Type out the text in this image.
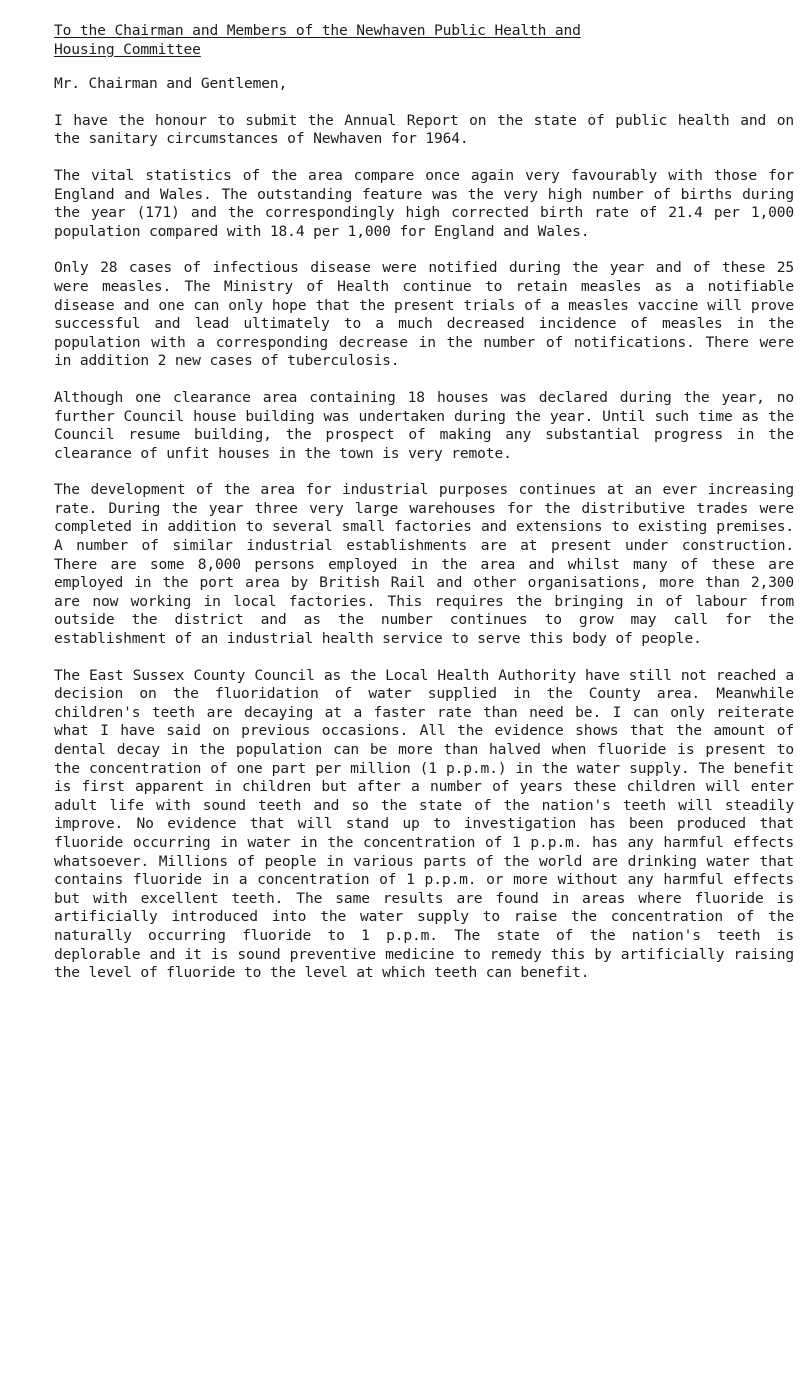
To the Chairman and Members of the Newhaven Public Health and

Housing Committee

Mr. Chairman and Gentlemen,

I have the honour to submit the Annual Report on the state of public health and on the sanitary circumstances of Newhaven for 1964.

The vital statistics of the area compare once again very favourably with those for England and Wales. The outstanding feature was the very high number of births during the year (171) and the correspondingly high corrected birth rate of 21.4 per 1,000 population compared with 18.4 per 1,000 for England and Wales.

Only 28 cases of infectious disease were notified during the year and of these 25 were measles. The Ministry of Health continue to retain measles as a notifiable disease and one can only hope that the present trials of a measles vaccine will prove successful and lead ultimately to a much decreased incidence of measles in the population with a corresponding decrease in the number of notifications. There were in addition 2 new cases of tuberculosis.

Although one clearance area containing 18 houses was declared during the year, no further Council house building was undertaken during the year. Until such time as the Council resume building, the prospect of making any substantial progress in the clearance of unfit houses in the town is very remote.

The development of the area for industrial purposes continues at an ever increasing rate. During the year three very large warehouses for the distributive trades were completed in addition to several small factories and extensions to existing premises. A number of similar industrial establishments are at present under construction. There are some 8,000 persons employed in the area and whilst many of these are employed in the port area by British Rail and other organisations, more than 2,300 are now working in local factories. This requires the bringing in of labour from outside the district and as the number continues to grow may call for the establishment of an industrial health service to serve this body of people.

The East Sussex County Council as the Local Health Authority have still not reached a decision on the fluoridation of water supplied in the County area. Meanwhile children's teeth are decaying at a faster rate than need be. I can only reiterate what I have said on previous occasions. All the evidence shows that the amount of dental decay in the population can be more than halved when fluoride is present to the concentration of one part per million (1 p.p.m.) in the water supply. The benefit is first apparent in children but after a number of years these children will enter adult life with sound teeth and so the state of the nation's teeth will steadily improve. No evidence that will stand up to investigation has been produced that fluoride occurring in water in the concentration of 1 p.p.m. has any harmful effects whatsoever. Millions of people in various parts of the world are drinking water that contains fluoride in a concentration of 1 p.p.m. or more without any harmful effects but with excellent teeth. The same results are found in areas where fluoride is artificially introduced into the water supply to raise the concentration of the naturally occurring fluoride to 1 p.p.m. The state of the nation's teeth is deplorable and it is sound preventive medicine to remedy this by artificially raising the level of fluoride to the level at which teeth can benefit.
